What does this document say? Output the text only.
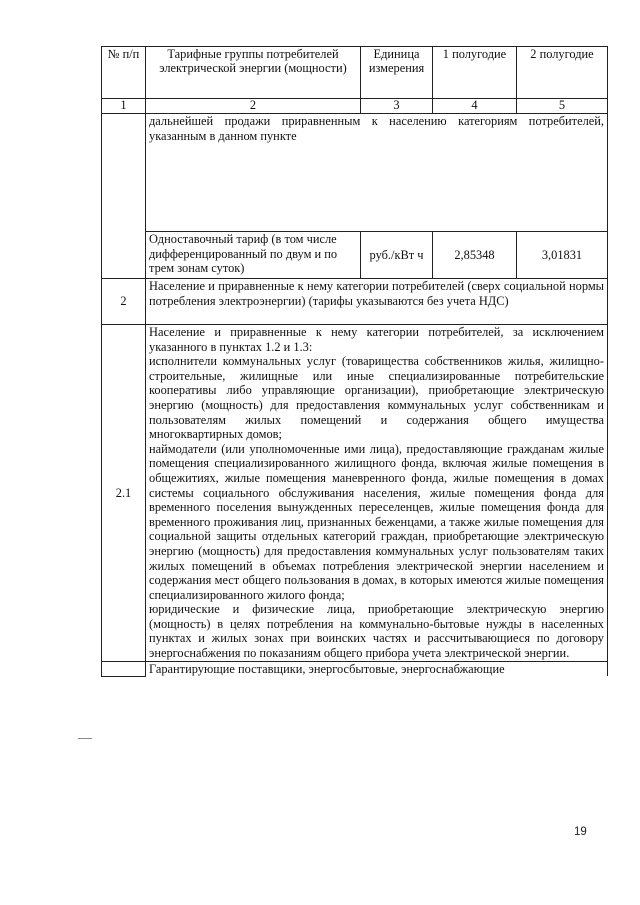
№ п/п	Тарифные группы потребителей электрической энергии (мощности)	Единица измерения	1 полугодие	2 полугодие
1	2	3	4	5
	дальнейшей продажи приравненным к населению категориям потребителей, указанным в данном пункте			
	Одноставочный тариф (в том числе дифференцированный по двум и по трем зонам суток)	руб./кВт ч	2,85348	3,01831
2	Население и приравненные к нему категории потребителей (сверх социальной нормы потребления электроэнергии) (тарифы указываются без учета НДС)			
2.1	Население и приравненные к нему категории потребителей, за исключением указанного в пунктах 1.2 и 1.3:
исполнители коммунальных услуг (товарищества собственников жилья, жилищно-строительные, жилищные или иные специализированные потребительские кооперативы либо управляющие организации), приобретающие электрическую энергию (мощность) для предоставления коммунальных услуг собственникам и пользователям жилых помещений и содержания общего имущества многоквартирных домов;
наймодатели (или уполномоченные ими лица), предоставляющие гражданам жилые помещения специализированного жилищного фонда, включая жилые помещения в общежитиях, жилые помещения маневренного фонда, жилые помещения в домах системы социального обслуживания населения, жилые помещения фонда для временного поселения вынужденных переселенцев, жилые помещения фонда для временного проживания лиц, признанных беженцами, а также жилые помещения для социальной защиты отдельных категорий граждан, приобретающие электрическую энергию (мощность) для предоставления коммунальных услуг пользователям таких жилых помещений в объемах потребления электрической энергии населением и содержания мест общего пользования в домах, в которых имеются жилые помещения специализированного жилого фонда;
юридические и физические лица, приобретающие электрическую энергию (мощность) в целях потребления на коммунально-бытовые нужды в населенных пунктах и жилых зонах при воинских частях и рассчитывающиеся по договору энергоснабжения по показаниям общего прибора учета электрической энергии.			

	Гарантирующие поставщики, энергосбытовые, энергоснабжающие			
19
